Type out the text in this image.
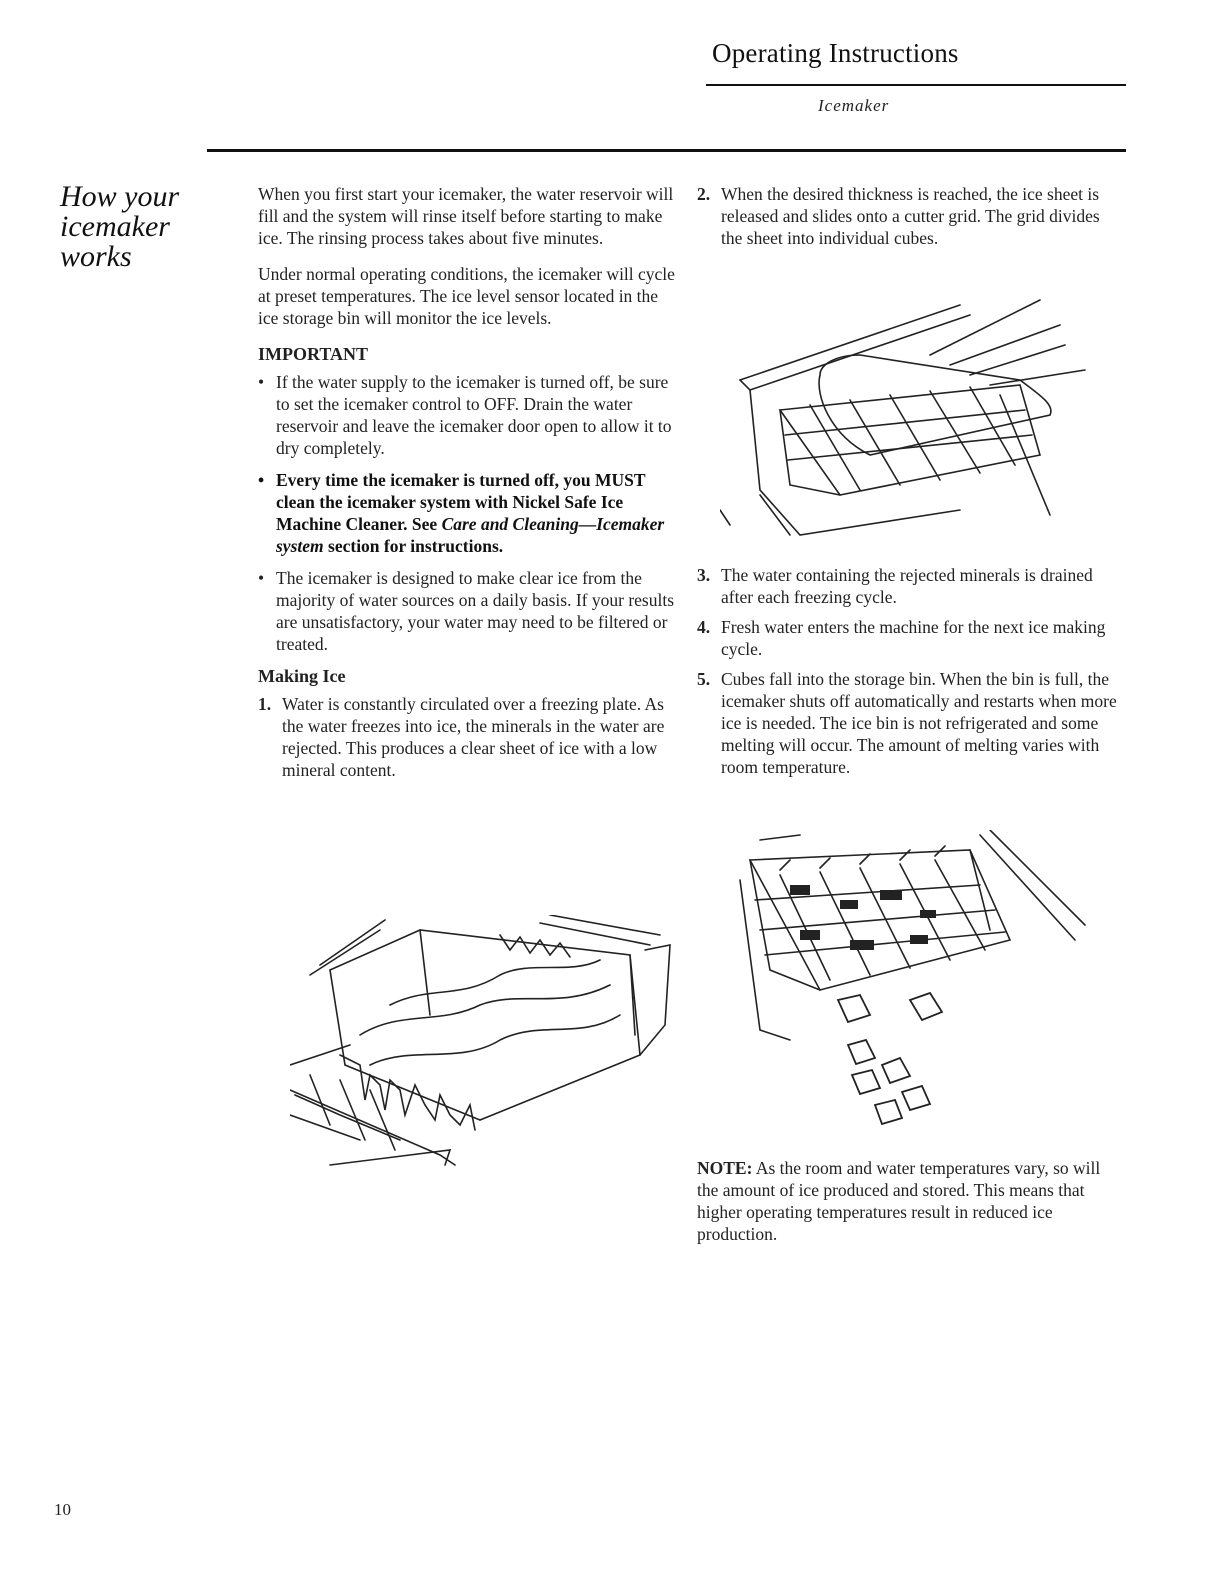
Operating Instructions
Icemaker
How your icemaker works

When you first start your icemaker, the water reservoir will fill and the system will rinse itself before starting to make ice. The rinsing process takes about five minutes.

Under normal operating conditions, the icemaker will cycle at preset temperatures. The ice level sensor located in the ice storage bin will monitor the ice levels.

IMPORTANT
• If the water supply to the icemaker is turned off, be sure to set the icemaker control to OFF. Drain the water reservoir and leave the icemaker door open to allow it to dry completely.
• Every time the icemaker is turned off, you MUST clean the icemaker system with Nickel Safe Ice Machine Cleaner. See Care and Cleaning—Icemaker system section for instructions.
• The icemaker is designed to make clear ice from the majority of water sources on a daily basis. If your results are unsatisfactory, your water may need to be filtered or treated.
Making Ice
1. Water is constantly circulated over a freezing plate. As the water freezes into ice, the minerals in the water are rejected. This produces a clear sheet of ice with a low mineral content.
2. When the desired thickness is reached, the ice sheet is released and slides onto a cutter grid. The grid divides the sheet into individual cubes.
3. The water containing the rejected minerals is drained after each freezing cycle.
4. Fresh water enters the machine for the next ice making cycle.
5. Cubes fall into the storage bin. When the bin is full, the icemaker shuts off automatically and restarts when more ice is needed. The ice bin is not refrigerated and some melting will occur. The amount of melting varies with room temperature.

NOTE: As the room and water temperatures vary, so will the amount of ice produced and stored. This means that higher operating temperatures result in reduced ice production.

10
